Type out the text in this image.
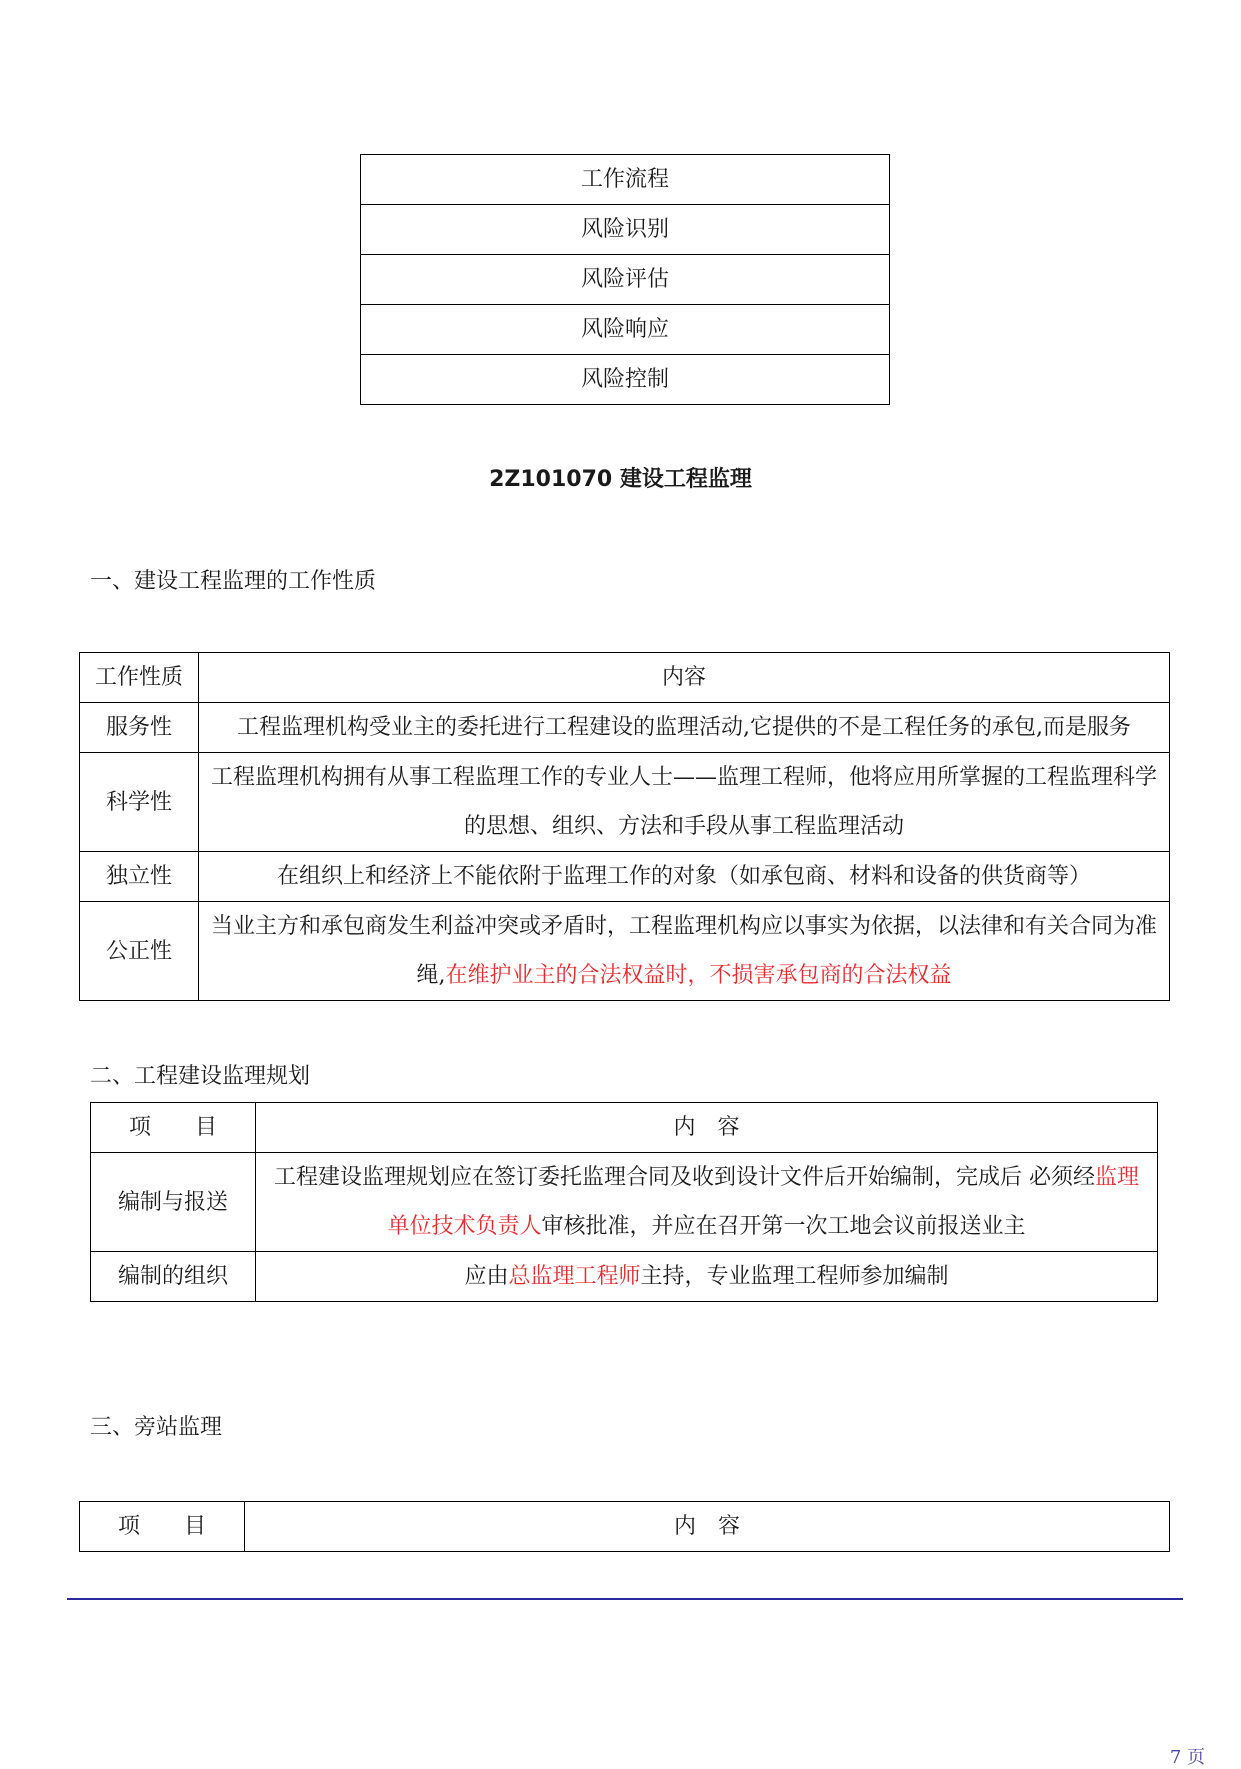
工作流程
风险识别
风险评估
风险响应
风险控制
2Z101070 建设工程监理
一、建设工程监理的工作性质
工作性质	内容
服务性	工程监理机构受业主的委托进行工程建设的监理活动,它提供的不是工程任务的承包,而是服务
科学性	工程监理机构拥有从事工程监理工作的专业人士——监理工程师，他将应用所掌握的工程监理科学的思想、组织、方法和手段从事工程监理活动
独立性	在组织上和经济上不能依附于监理工作的对象（如承包商、材料和设备的供货商等）
公正性	当业主方和承包商发生利益冲突或矛盾时，工程监理机构应以事实为依据，以法律和有关合同为准绳,在维护业主的合法权益时，不损害承包商的合法权益
二、工程建设监理规划
项　　目	内　容
编制与报送	工程建设监理规划应在签订委托监理合同及收到设计文件后开始编制，完成后 必须经监理单位技术负责人审核批准，并应在召开第一次工地会议前报送业主
编制的组织	应由总监理工程师主持，专业监理工程师参加编制
三、旁站监理
项　　目	内　容
7 页
